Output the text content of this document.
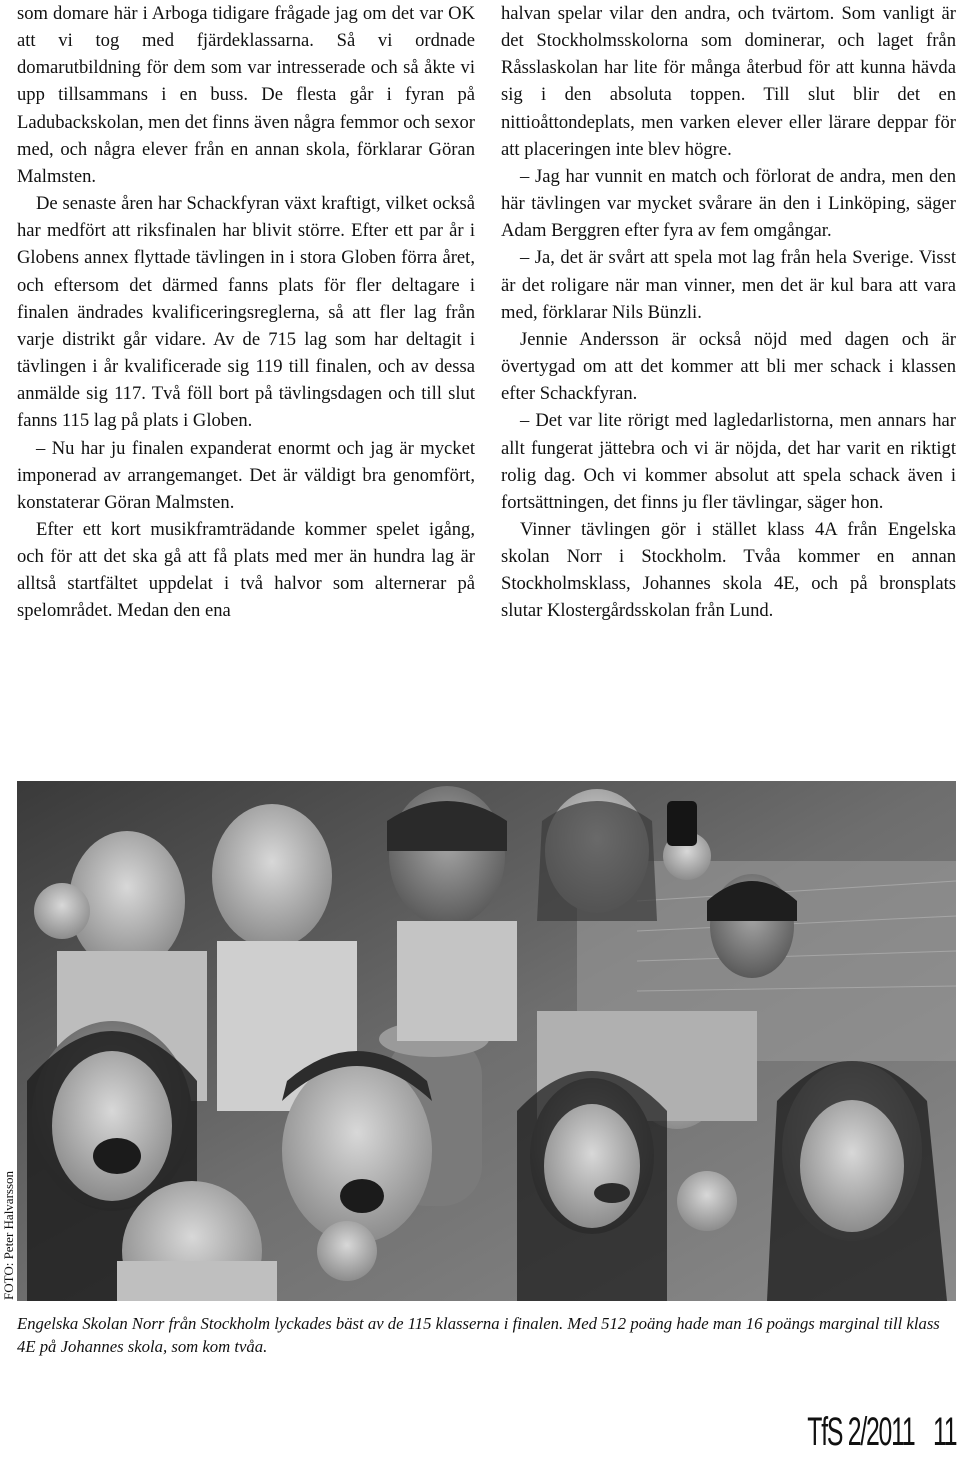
som domare här i Arboga tidigare frågade jag om det var OK att vi tog med fjärdeklassarna. Så vi ordnade domarutbildning för dem som var intresserade och så åkte vi upp tillsammans i en buss. De flesta går i fyran på Ladubackskolan, men det finns även några femmor och sexor med, och några elever från en annan skola, förklarar Göran Malmsten.

De senaste åren har Schackfyran växt kraftigt, vilket också har medfört att riksfinalen har blivit större. Efter ett par år i Globens annex flyttade tävlingen in i stora Globen förra året, och eftersom det därmed fanns plats för fler deltagare i finalen ändrades kvalificeringsreglerna, så att fler lag från varje distrikt går vidare. Av de 715 lag som har deltagit i tävlingen i år kvalificerade sig 119 till finalen, och av dessa anmälde sig 117. Två föll bort på tävlingsdagen och till slut fanns 115 lag på plats i Globen.

– Nu har ju finalen expanderat enormt och jag är mycket imponerad av arrangemanget. Det är väldigt bra genomfört, konstaterar Göran Malmsten.

Efter ett kort musikframträdande kommer spelet igång, och för att det ska gå att få plats med mer än hundra lag är alltså startfältet uppdelat i två halvor som alternerar på spelområdet. Medan den ena

halvan spelar vilar den andra, och tvärtom. Som vanligt är det Stockholmsskolorna som dominerar, och laget från Råsslaskolan har lite för många återbud för att kunna hävda sig i den absoluta toppen. Till slut blir det en nittioåttondeplats, men varken elever eller lärare deppar för att placeringen inte blev högre.

– Jag har vunnit en match och förlorat de andra, men den här tävlingen var mycket svårare än den i Linköping, säger Adam Berggren efter fyra av fem omgångar.

– Ja, det är svårt att spela mot lag från hela Sverige. Visst är det roligare när man vinner, men det är kul bara att vara med, förklarar Nils Bünzli.

Jennie Andersson är också nöjd med dagen och är övertygad om att det kommer att bli mer schack i klassen efter Schackfyran.

– Det var lite rörigt med lagledarlistorna, men annars har allt fungerat jättebra och vi är nöjda, det har varit en riktigt rolig dag. Och vi kommer absolut att spela schack även i fortsättningen, det finns ju fler tävlingar, säger hon.

Vinner tävlingen gör i stället klass 4A från Engelska skolan Norr i Stockholm. Tvåa kommer en annan Stockholmsklass, Johannes skola 4E, och på bronsplats slutar Klostergårdsskolan från Lund.

FOTO: Peter Halvarsson
Engelska Skolan Norr från Stockholm lyckades bäst av de 115 klasserna i finalen. Med 512 poäng hade man 16 poängs marginal till klass 4E på Johannes skola, som kom tvåa.
TfS 2/2011 11
